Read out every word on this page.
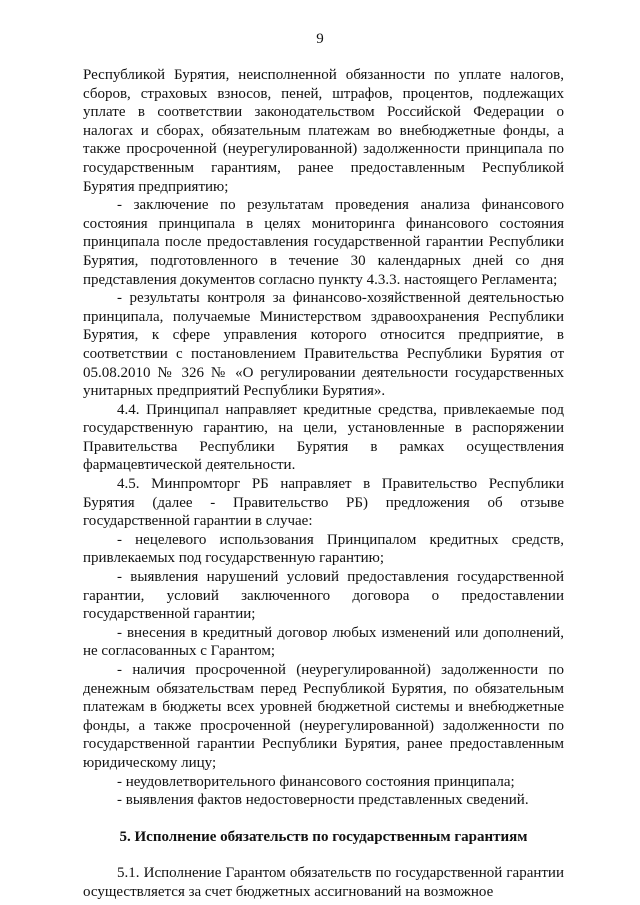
9

Республикой Бурятия, неисполненной обязанности по уплате налогов, сборов, страховых взносов, пеней, штрафов, процентов, подлежащих уплате в соответствии законодательством Российской Федерации о налогах и сборах, обязательным платежам во внебюджетные фонды, а также просроченной (неурегулированной) задолженности принципала по государственным гарантиям, ранее предоставленным Республикой Бурятия предприятию;

- заключение по результатам проведения анализа финансового состояния принципала в целях мониторинга финансового состояния принципала после предоставления государственной гарантии Республики Бурятия, подготовленного в течение 30 календарных дней со дня представления документов согласно пункту 4.3.3. настоящего Регламента;

- результаты контроля за финансово-хозяйственной деятельностью принципала, получаемые Министерством здравоохранения Республики Бурятия, к сфере управления которого относится предприятие, в соответствии с постановлением Правительства Республики Бурятия от 05.08.2010 № 326 № «О регулировании деятельности государственных унитарных предприятий Республики Бурятия».

4.4. Принципал направляет кредитные средства, привлекаемые под государственную гарантию, на цели, установленные в распоряжении Правительства Республики Бурятия в рамках осуществления фармацевтической деятельности.

4.5. Минпромторг РБ направляет в Правительство Республики Бурятия (далее - Правительство РБ) предложения об отзыве государственной гарантии в случае:

- нецелевого использования Принципалом кредитных средств, привлекаемых под государственную гарантию;

- выявления нарушений условий предоставления государственной гарантии, условий заключенного договора о предоставлении государственной гарантии;

- внесения в кредитный договор любых изменений или дополнений, не согласованных с Гарантом;

- наличия просроченной (неурегулированной) задолженности по денежным обязательствам перед Республикой Бурятия, по обязательным платежам в бюджеты всех уровней бюджетной системы и внебюджетные фонды, а также просроченной (неурегулированной) задолженности по государственной гарантии Республики Бурятия, ранее предоставленным юридическому лицу;

- неудовлетворительного финансового состояния принципала;

- выявления фактов недостоверности представленных сведений.

5. Исполнение обязательств по государственным гарантиям

5.1. Исполнение Гарантом обязательств по государственной гарантии осуществляется за счет бюджетных ассигнований на возможное
